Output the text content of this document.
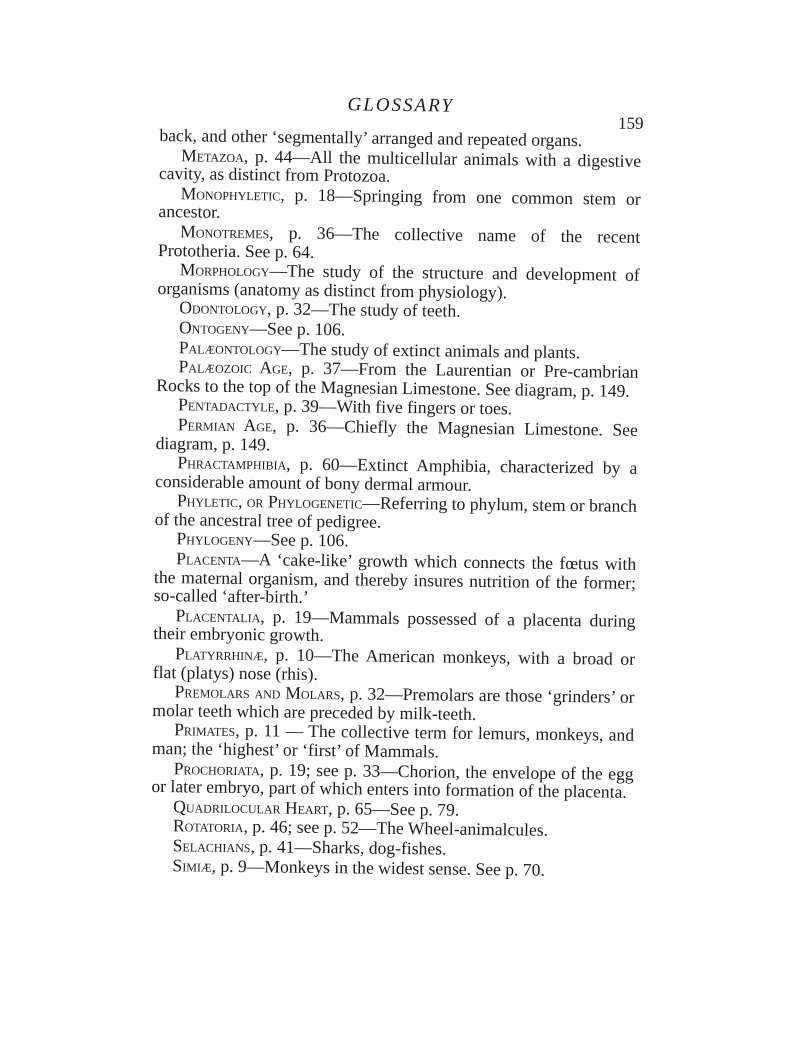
GLOSSARY
159

back, and other ‘segmentally’ arranged and repeated organs.

Metazoa, p. 44—All the multicellular animals with a digestive cavity, as distinct from Protozoa.

Monophyletic, p. 18—Springing from one common stem or ancestor.

Monotremes, p. 36—The collective name of the recent Prototheria. See p. 64.

Morphology—The study of the structure and development of organisms (anatomy as distinct from physiology).

Odontology, p. 32—The study of teeth.

Ontogeny—See p. 106.

Palæontology—The study of extinct animals and plants.

Palæozoic Age, p. 37—From the Laurentian or Pre-cambrian Rocks to the top of the Magnesian Limestone. See diagram, p. 149.

Pentadactyle, p. 39—With five fingers or toes.

Permian Age, p. 36—Chiefly the Magnesian Limestone. See diagram, p. 149.

Phractamphibia, p. 60—Extinct Amphibia, characterized by a considerable amount of bony dermal armour.

Phyletic, or Phylogenetic—Referring to phylum, stem or branch of the ancestral tree of pedigree.

Phylogeny—See p. 106.

Placenta—A ‘cake-like’ growth which connects the fœtus with the maternal organism, and thereby insures nutrition of the former; so-called ‘after-birth.’

Placentalia, p. 19—Mammals possessed of a placenta during their embryonic growth.

Platyrrhinæ, p. 10—The American monkeys, with a broad or flat (platys) nose (rhis).

Premolars and Molars, p. 32—Premolars are those ‘grinders’ or molar teeth which are preceded by milk-teeth.

Primates, p. 11 — The collective term for lemurs, monkeys, and man; the ‘highest’ or ‘first’ of Mammals.

Prochoriata, p. 19; see p. 33—Chorion, the envelope of the egg or later embryo, part of which enters into formation of the placenta.

Quadrilocular Heart, p. 65—See p. 79.

Rotatoria, p. 46; see p. 52—The Wheel-animalcules.

Selachians, p. 41—Sharks, dog-fishes.

Simiæ, p. 9—Monkeys in the widest sense. See p. 70.
